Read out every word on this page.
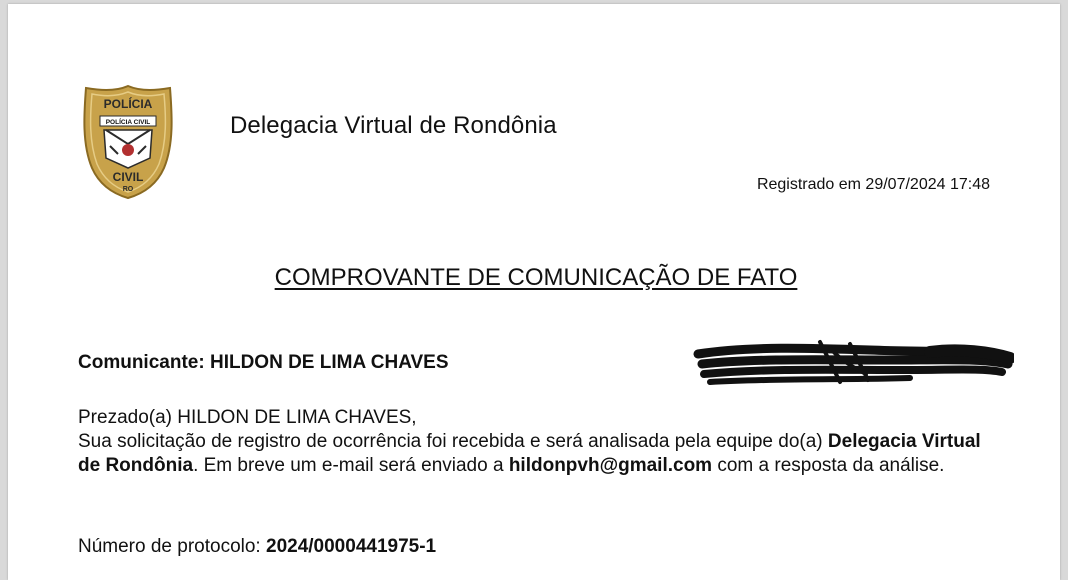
POLÍCIA
POLÍCIA CIVIL
CIVIL
RO
Delegacia Virtual de Rondônia
Registrado em 29/07/2024 17:48
COMPROVANTE DE COMUNICAÇÃO DE FATO
Comunicante: HILDON DE LIMA CHAVES
Prezado(a) HILDON DE LIMA CHAVES,
Sua solicitação de registro de ocorrência foi recebida e será analisada pela equipe do(a) Delegacia Virtual de Rondônia. Em breve um e-mail será enviado a hildonpvh@gmail.com com a resposta da análise.
Número de protocolo: 2024/0000441975-1
